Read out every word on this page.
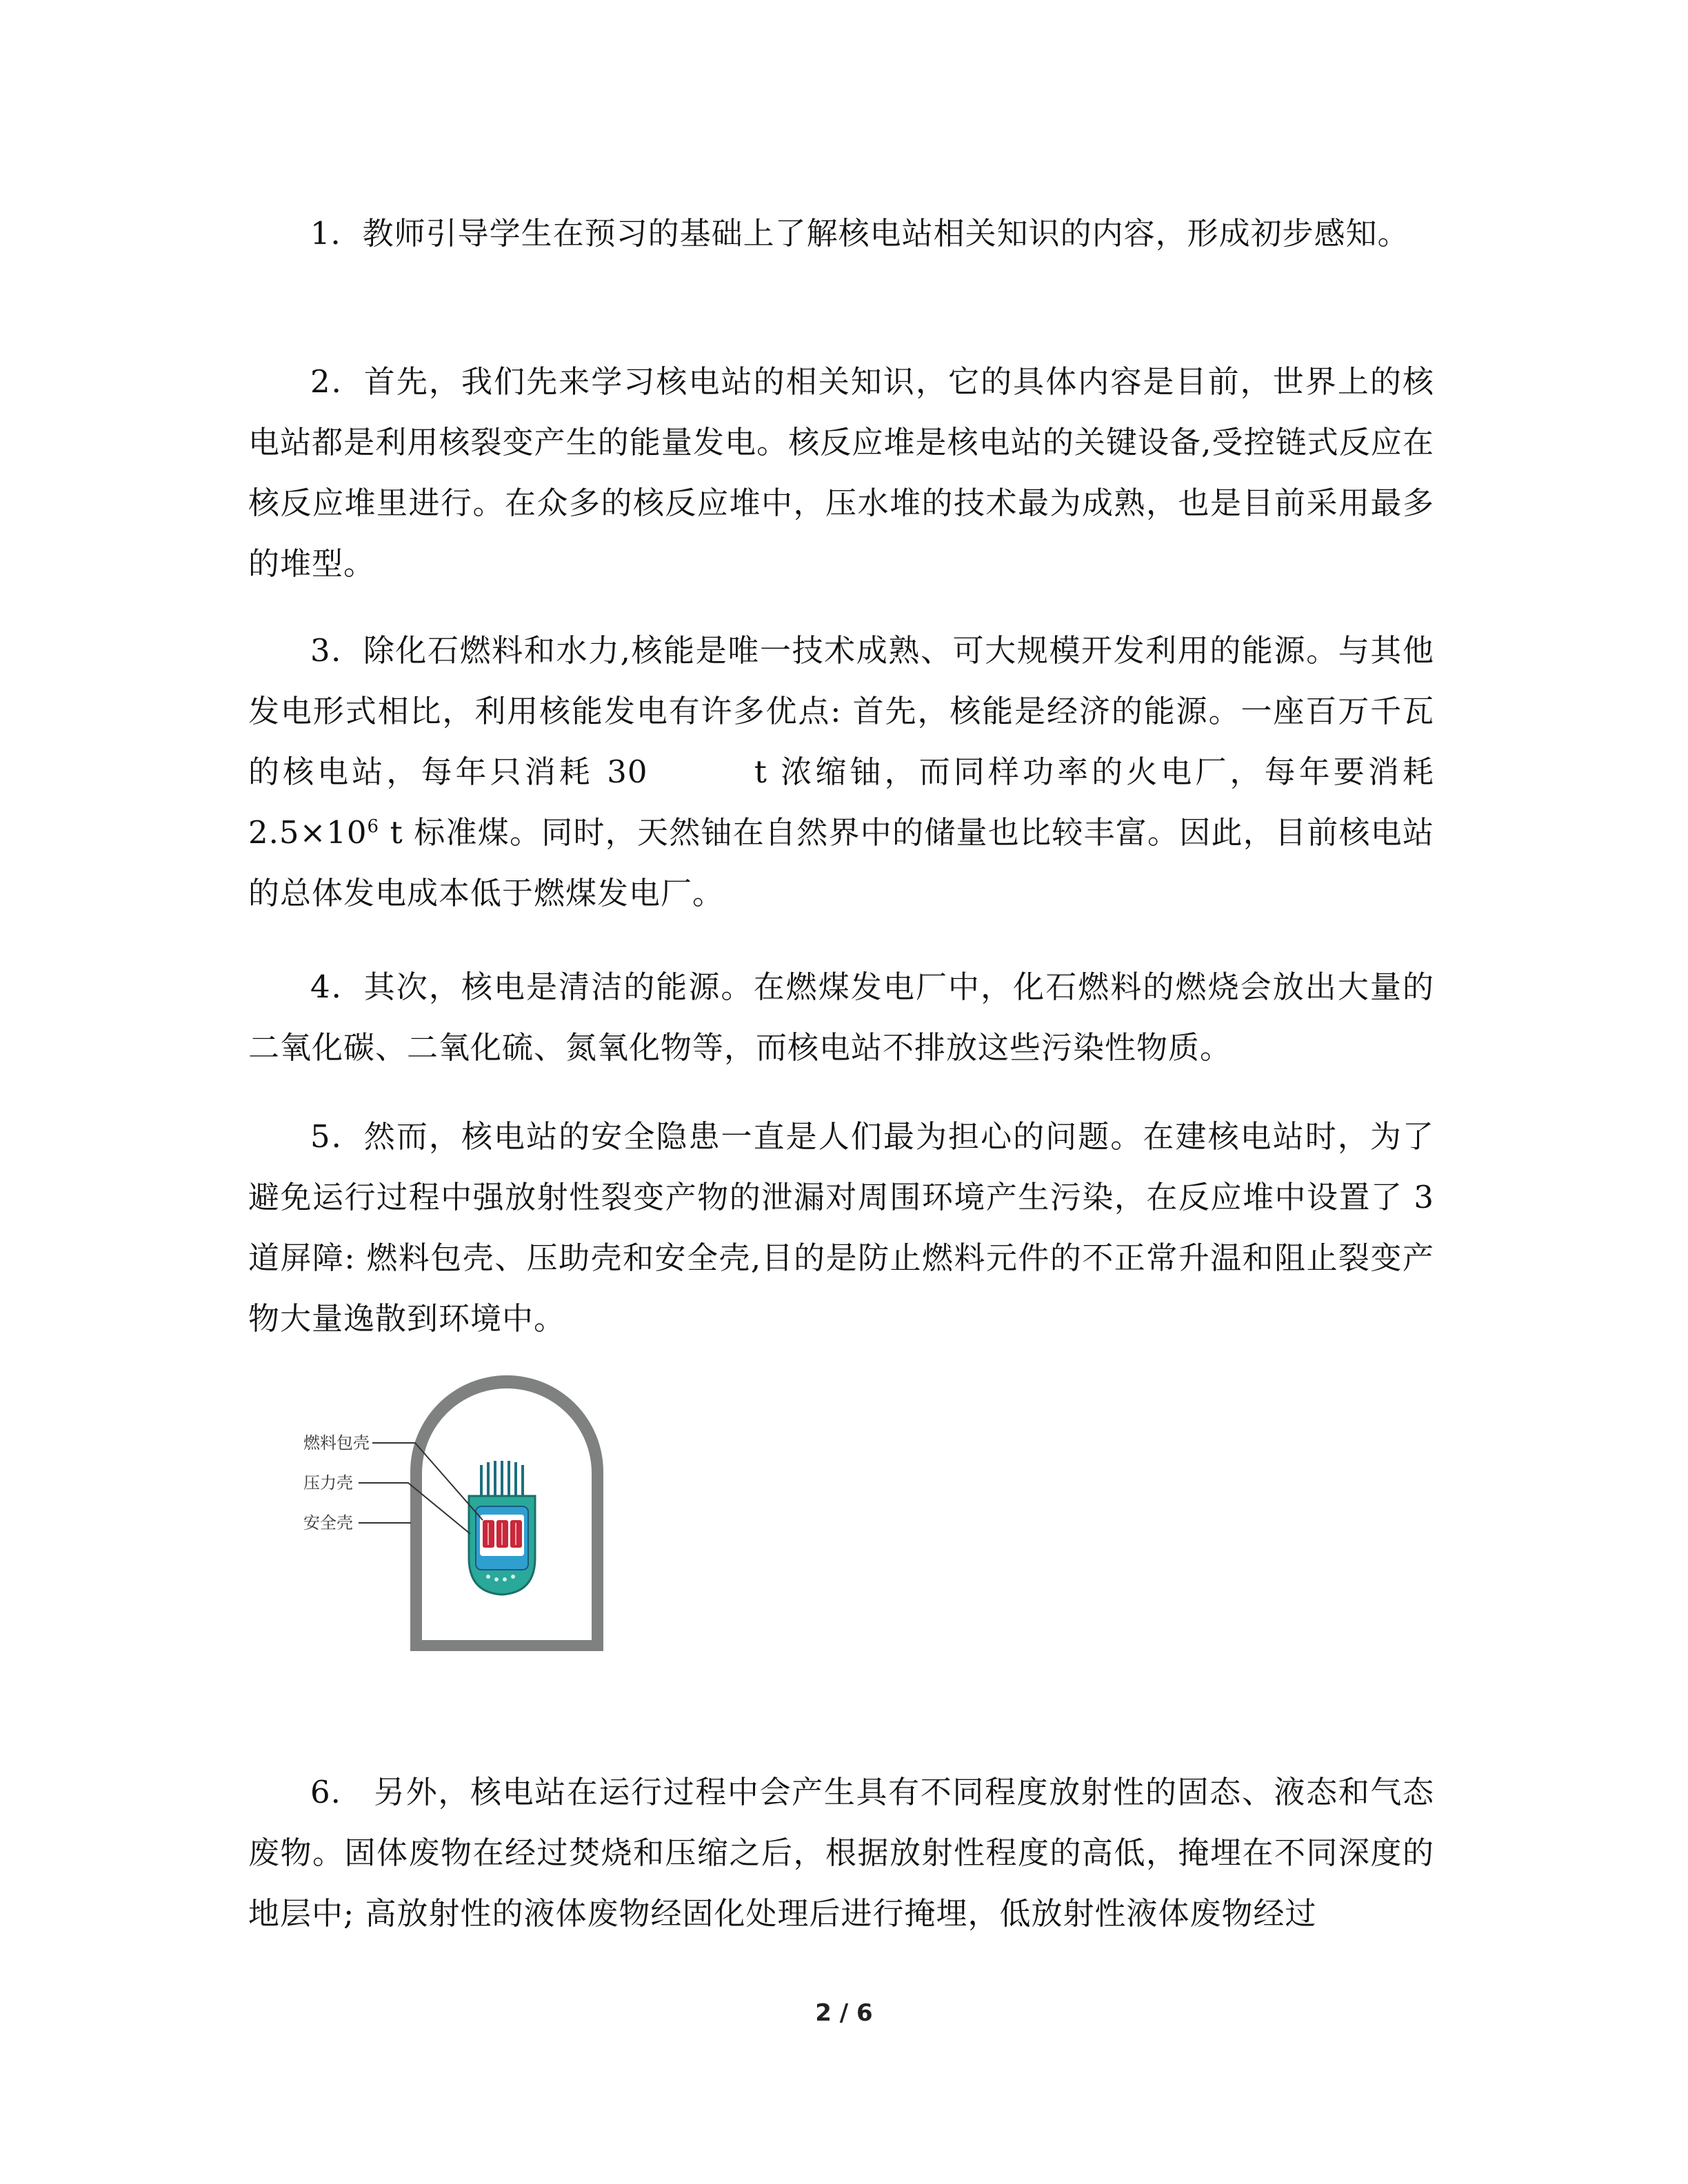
1．教师引导学生在预习的基础上了解核电站相关知识的内容，形成初步感知。

2．首先，我们先来学习核电站的相关知识，它的具体内容是目前，世界上的核电站都是利用核裂变产生的能量发电。核反应堆是核电站的关键设备,受控链式反应在核反应堆里进行。在众多的核反应堆中，压水堆的技术最为成熟，也是目前采用最多的堆型。

3．除化石燃料和水力,核能是唯一技术成熟、可大规模开发利用的能源。与其他发电形式相比，利用核能发电有许多优点: 首先，核能是经济的能源。一座百万千瓦的核电站，每年只消耗 30　　　t 浓缩铀，而同样功率的火电厂，每年要消耗 $2.5\times 10^6$ t 标准煤。同时，天然铀在自然界中的储量也比较丰富。因此，目前核电站的总体发电成本低于燃煤发电厂。

4．其次，核电是清洁的能源。在燃煤发电厂中，化石燃料的燃烧会放出大量的二氧化碳、二氧化硫、氮氧化物等，而核电站不排放这些污染性物质。

5．然而，核电站的安全隐患一直是人们最为担心的问题。在建核电站时，为了避免运行过程中强放射性裂变产物的泄漏对周围环境产生污染，在反应堆中设置了 3　道屏障: 燃料包壳、压助壳和安全壳,目的是防止燃料元件的不正常升温和阻止裂变产物大量逸散到环境中。

燃料包壳
压力壳
安全壳

6.　另外，核电站在运行过程中会产生具有不同程度放射性的固态、液态和气态废物。固体废物在经过焚烧和压缩之后，根据放射性程度的高低，掩埋在不同深度的地层中; 高放射性的液体废物经固化处理后进行掩埋，低放射性液体废物经过

2 / 6
